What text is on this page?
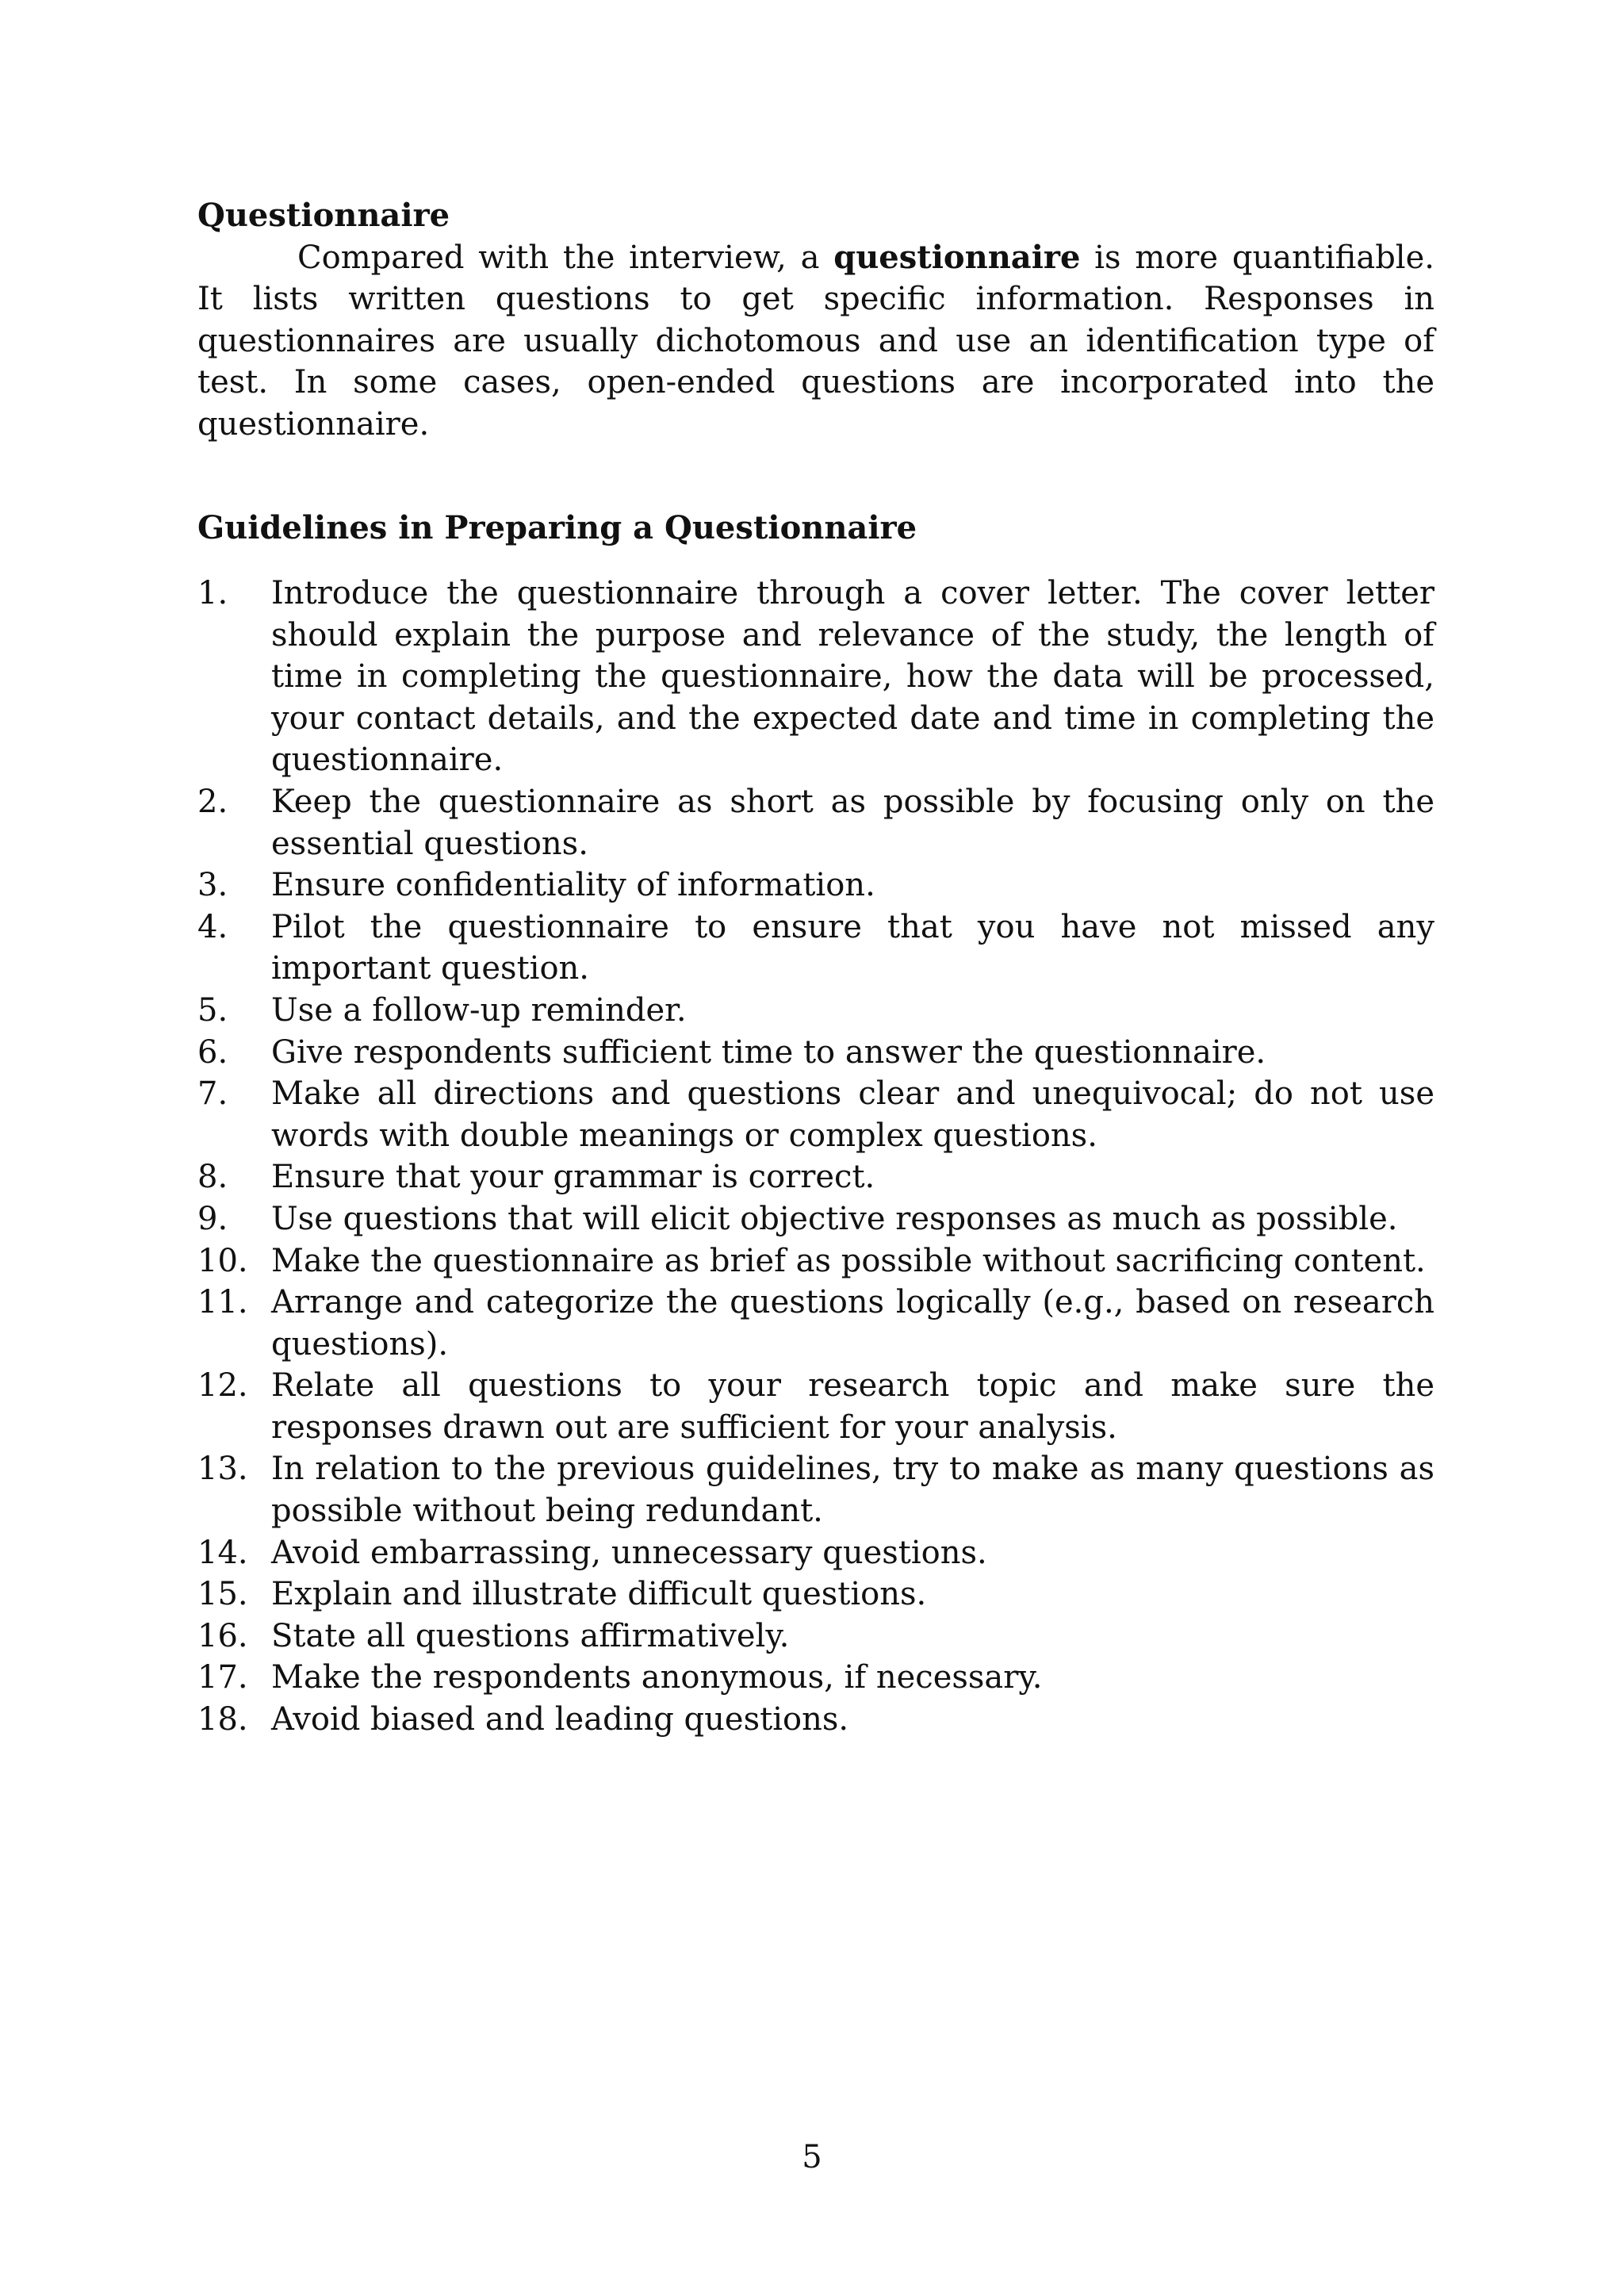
Questionnaire

Compared with the interview, a questionnaire is more quantifiable. It lists written questions to get specific information. Responses in questionnaires are usually dichotomous and use an identification type of test. In some cases, open-ended questions are incorporated into the questionnaire.

Guidelines in Preparing a Questionnaire

1. Introduce the questionnaire through a cover letter. The cover letter should explain the purpose and relevance of the study, the length of time in completing the questionnaire, how the data will be processed, your contact details, and the expected date and time in completing the questionnaire.
2. Keep the questionnaire as short as possible by focusing only on the essential questions.
3. Ensure confidentiality of information.
4. Pilot the questionnaire to ensure that you have not missed any important question.
5. Use a follow-up reminder.
6. Give respondents sufficient time to answer the questionnaire.
7. Make all directions and questions clear and unequivocal; do not use words with double meanings or complex questions.
8. Ensure that your grammar is correct.
9. Use questions that will elicit objective responses as much as possible.
10. Make the questionnaire as brief as possible without sacrificing content.
11. Arrange and categorize the questions logically (e.g., based on research questions).
12. Relate all questions to your research topic and make sure the responses drawn out are sufficient for your analysis.
13. In relation to the previous guidelines, try to make as many questions as possible without being redundant.
14. Avoid embarrassing, unnecessary questions.
15. Explain and illustrate difficult questions.
16. State all questions affirmatively.
17. Make the respondents anonymous, if necessary.
18. Avoid biased and leading questions.
5
